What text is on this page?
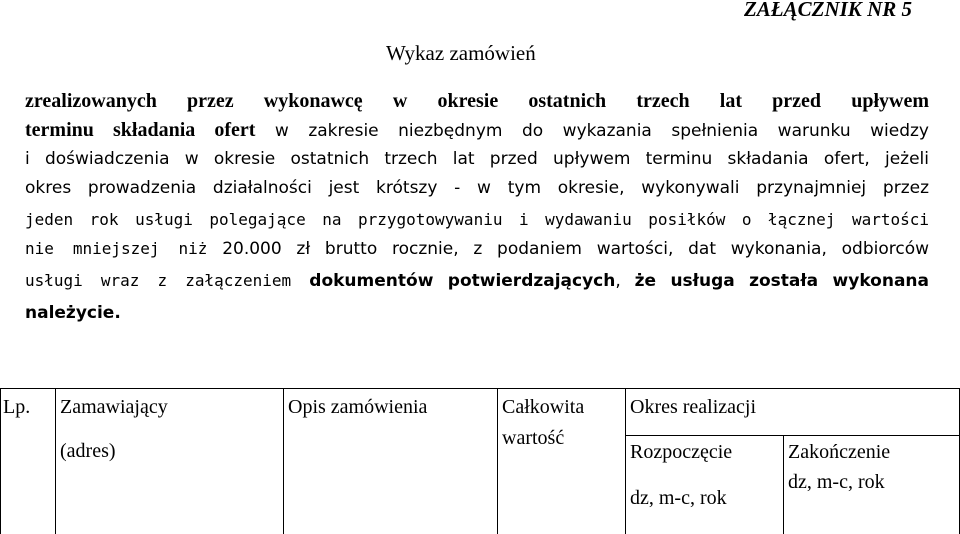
ZAŁĄCZNIK NR 5
Wykaz zamówień

zrealizowanych przez wykonawcę w okresie ostatnich trzech lat przed upływem

terminu składania ofert w zakresie niezbędnym do wykazania spełnienia warunku wiedzy

i doświadczenia w okresie ostatnich trzech lat przed upływem terminu składania ofert, jeżeli

okres prowadzenia działalności jest krótszy - w tym okresie, wykonywali przynajmniej przez

jeden rok usługi polegające na przygotowywaniu i wydawaniu posiłków o łącznej wartości

nie mniejszej niż 20.000 zł brutto rocznie, z podaniem wartości, dat wykonania, odbiorców

usługi wraz z załączeniem dokumentów potwierdzających, że usługa została wykonana

należycie.

Lp. Zamawiający
(adres)
Opis zamówienia	Całkowita
wartość
Okres realizacji
Rozpoczęcie
dz, m-c, rok
Zakończenie
dz, m-c, rok
